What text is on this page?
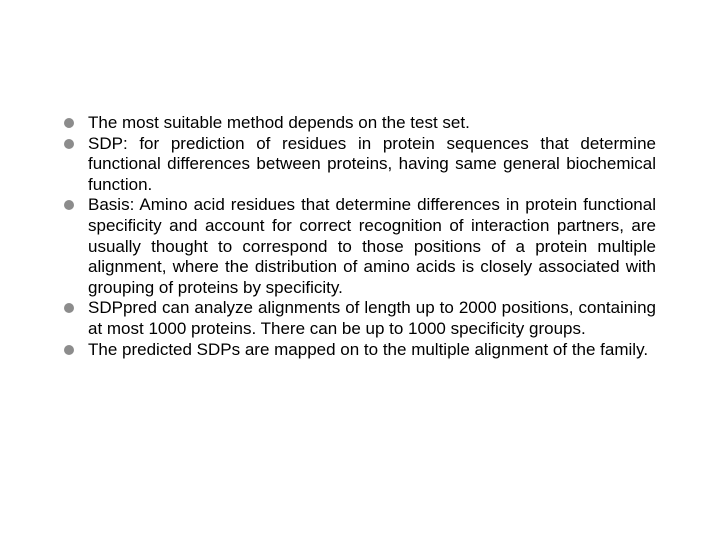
The most suitable method depends on the test set.
SDP: for prediction of residues in protein sequences that determine functional differences between proteins, having same general biochemical function.
Basis: Amino acid residues that determine differences in protein functional specificity and account for correct recognition of interaction partners, are usually thought to correspond to those positions of a protein multiple alignment, where the distribution of amino acids is closely associated with grouping of proteins by specificity.
SDPpred can analyze alignments of length up to 2000 positions, containing at most 1000 proteins. There can be up to 1000 specificity groups.
The predicted SDPs are mapped on to the multiple alignment of the family.
